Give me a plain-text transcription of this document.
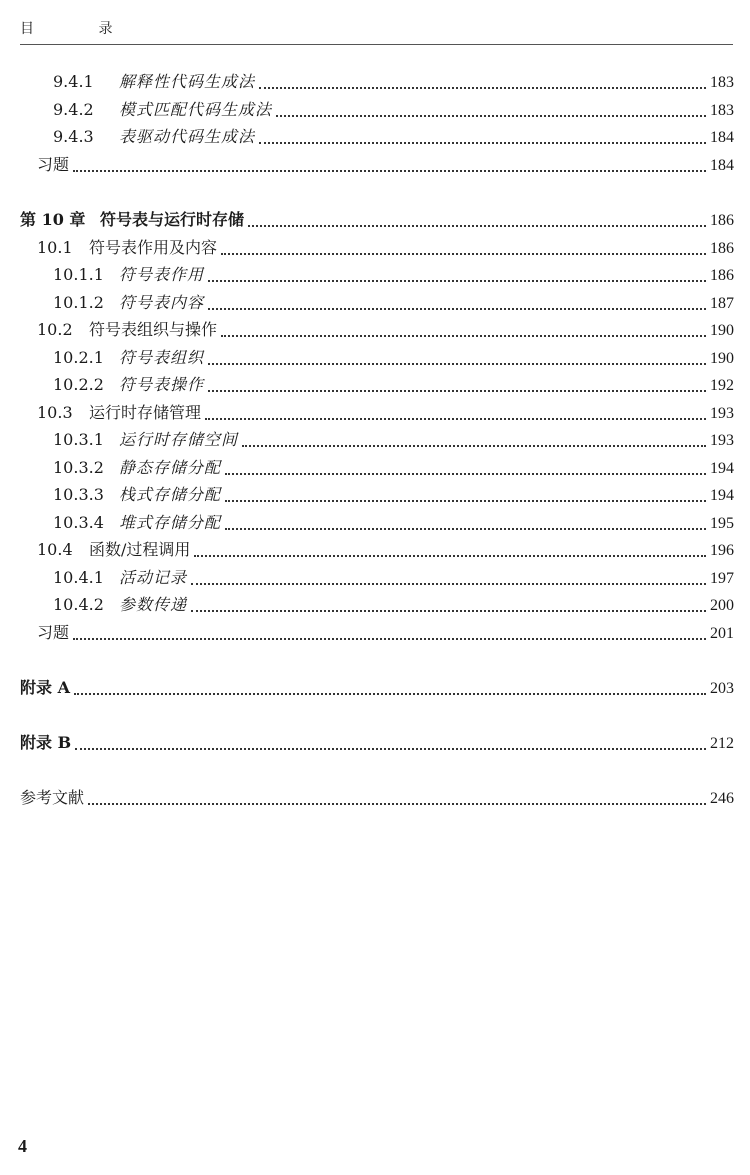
目 录
9.4.1	解释性代码生成法	183
9.4.2	模式匹配代码生成法	183
9.4.3	表驱动代码生成法	184
习题	184
第 10 章 符号表与运行时存储	186
10.1	符号表作用及内容	186
10.1.1 符号表作用	186
10.1.2 符号表内容	187
10.2	符号表组织与操作	190
10.2.1 符号表组织	190
10.2.2 符号表操作	192
10.3	运行时存储管理	193
10.3.1 运行时存储空间	193
10.3.2 静态存储分配	194
10.3.3 栈式存储分配	194
10.3.4 堆式存储分配	195
10.4	函数/过程调用	196
10.4.1 活动记录	197
10.4.2 参数传递	200
习题	201
附录 A	203
附录 B	212
参考文献	246
4
